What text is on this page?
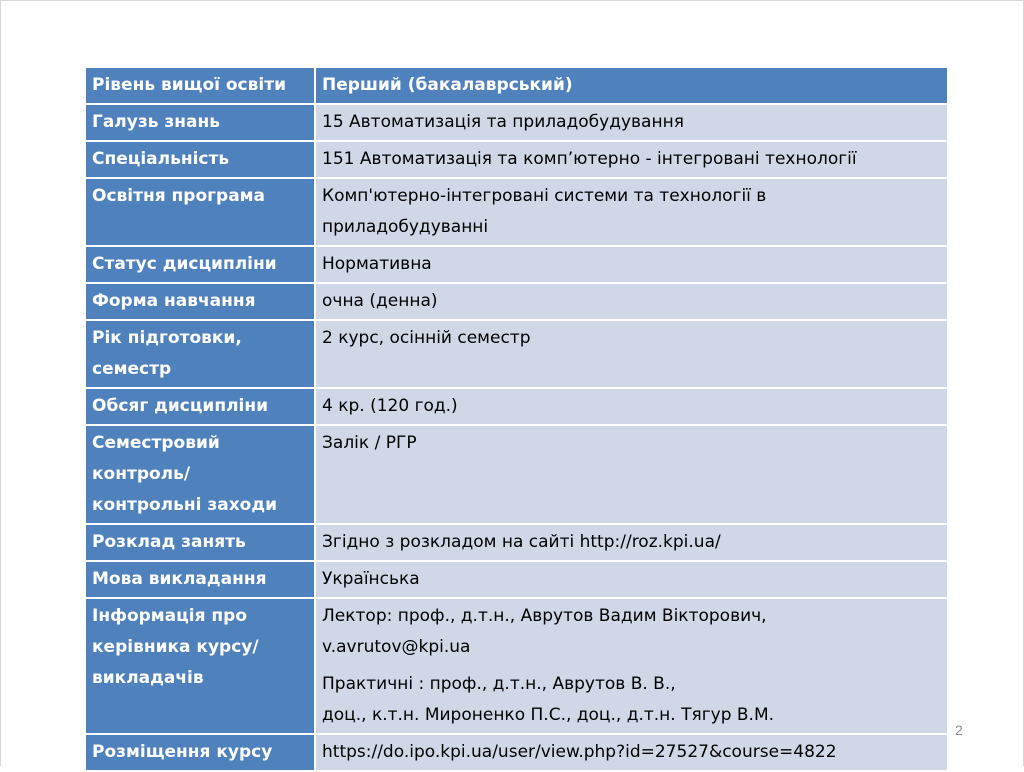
Рівень вищої освіти	Перший (бакалаврський)
Галузь знань	15 Автоматизація та приладобудування
Спеціальність	151 Автоматизація та комп’ютерно - інтегровані технології
Освітня програма	Комп'ютерно-інтегровані системи та технології в
приладобудуванні

Статус дисципліни	Нормативна
Форма навчання	очна (денна)

Рік підготовки,
семестр	2 курс, осінній семестр
Обсяг дисципліни	4 кр. (120 год.)

Семестровий
контроль/
контрольні заходи	Залік / РГР
Розклад занять	Згідно з розкладом на сайті http://roz.kpi.ua/
Мова викладання	Українська

Інформація про
керівника курсу/
викладачів	Лектор: проф., д.т.н., Аврутов Вадим Вікторович,
v.avrutov@kpi.ua
Практичні : проф., д.т.н., Аврутов В. В.,
доц., к.т.н. Мироненко П.С., доц., д.т.н. Тягур В.М.

Розміщення курсу	https://do.ipo.kpi.ua/user/view.php?id=27527&course=4822
2
